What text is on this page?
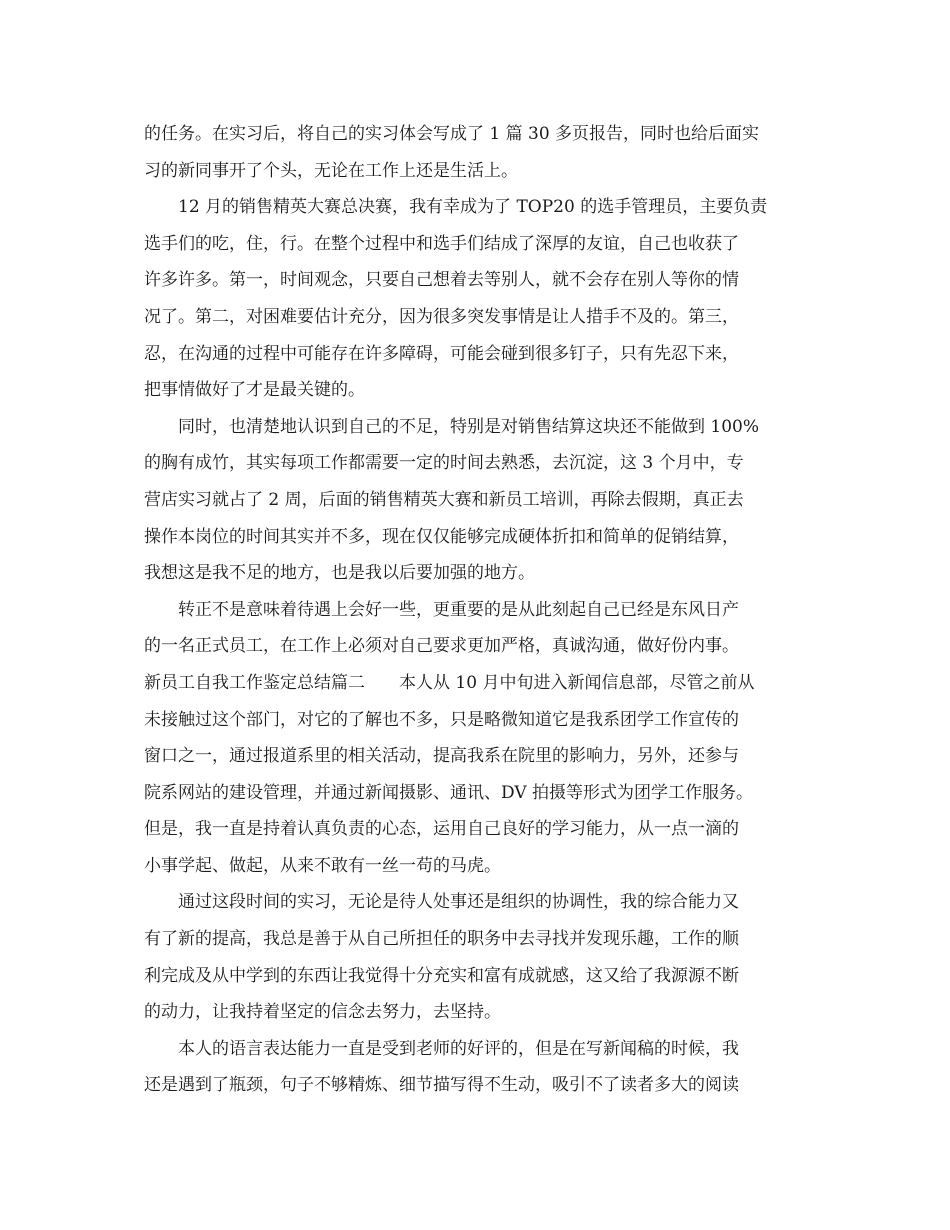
的任务。在实习后，将自己的实习体会写成了 1 篇 30 多页报告，同时也给后面实
习的新同事开了个头，无论在工作上还是生活上。
12 月的销售精英大赛总决赛，我有幸成为了 TOP20 的选手管理员，主要负责
选手们的吃，住，行。在整个过程中和选手们结成了深厚的友谊，自己也收获了
许多许多。第一，时间观念，只要自己想着去等别人，就不会存在别人等你的情
况了。第二，对困难要估计充分，因为很多突发事情是让人措手不及的。第三，
忍，在沟通的过程中可能存在许多障碍，可能会碰到很多钉子，只有先忍下来，
把事情做好了才是最关键的。
同时，也清楚地认识到自己的不足，特别是对销售结算这块还不能做到 100%
的胸有成竹，其实每项工作都需要一定的时间去熟悉，去沉淀，这 3 个月中，专
营店实习就占了 2 周，后面的销售精英大赛和新员工培训，再除去假期，真正去
操作本岗位的时间其实并不多，现在仅仅能够完成硬体折扣和简单的促销结算，
我想这是我不足的地方，也是我以后要加强的地方。
转正不是意味着待遇上会好一些，更重要的是从此刻起自己已经是东风日产
的一名正式员工，在工作上必须对自己要求更加严格，真诚沟通，做好份内事。
新员工自我工作鉴定总结篇二　　本人从 10 月中旬进入新闻信息部，尽管之前从
未接触过这个部门，对它的了解也不多，只是略微知道它是我系团学工作宣传的
窗口之一，通过报道系里的相关活动，提高我系在院里的影响力，另外，还参与
院系网站的建设管理，并通过新闻摄影、通讯、DV 拍摄等形式为团学工作服务。
但是，我一直是持着认真负责的心态，运用自己良好的学习能力，从一点一滴的
小事学起、做起，从来不敢有一丝一苟的马虎。
通过这段时间的实习，无论是待人处事还是组织的协调性，我的综合能力又
有了新的提高，我总是善于从自己所担任的职务中去寻找并发现乐趣，工作的顺
利完成及从中学到的东西让我觉得十分充实和富有成就感，这又给了我源源不断
的动力，让我持着坚定的信念去努力，去坚持。
本人的语言表达能力一直是受到老师的好评的，但是在写新闻稿的时候，我
还是遇到了瓶颈，句子不够精炼、细节描写得不生动，吸引不了读者多大的阅读
